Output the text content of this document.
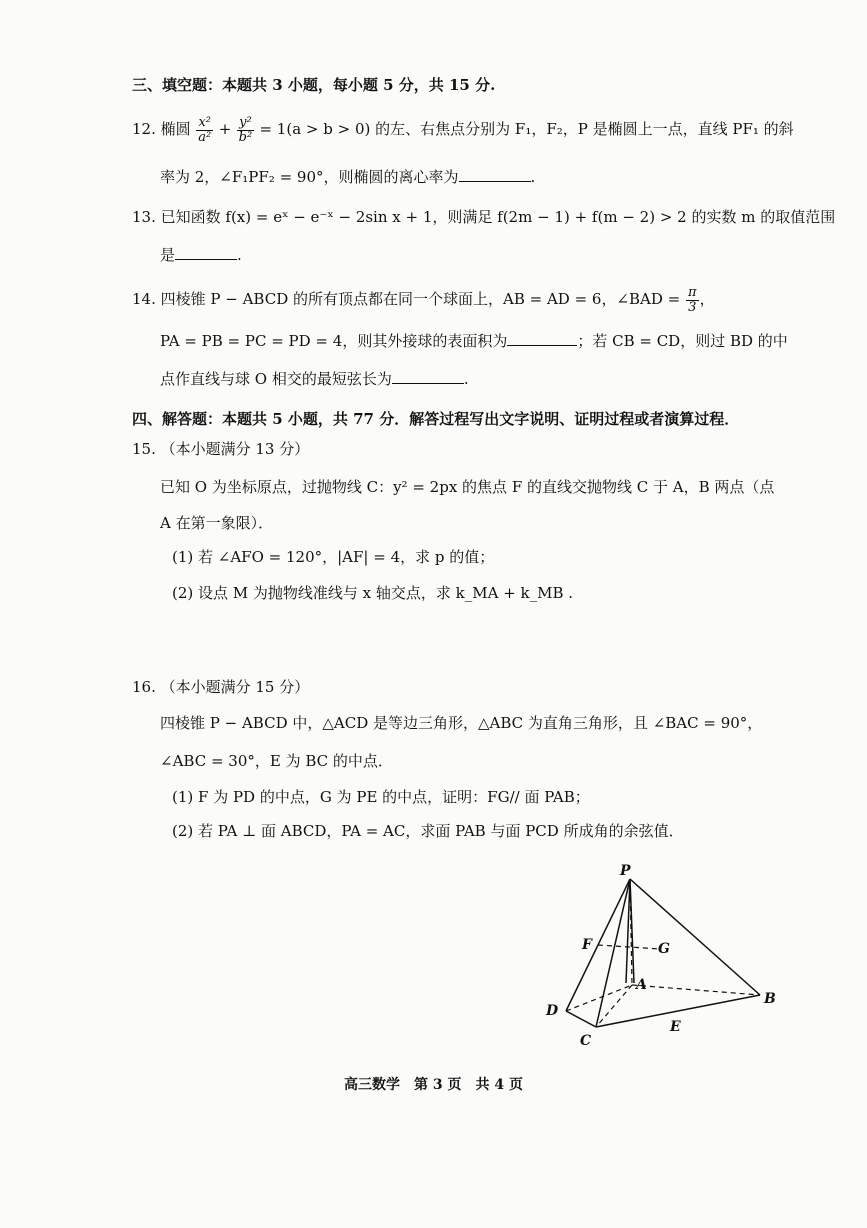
三、填空题：本题共 3 小题，每小题 5 分，共 15 分.
12. 椭圆 $\frac{\text{x²}}{\text{a²}} + \frac{\text{y²}}{\text{b²}} = 1(a > b > 0)$ 的左、右焦点分别为 F₁，F₂，P 是椭圆上一点，直线 PF₁ 的斜
率为 2，∠F₁PF₂ = 90°，则椭圆的离心率为	.
13. 已知函数 f(x) = eˣ − e⁻ˣ − 2sin x + 1，则满足 f(2m − 1) + f(m − 2) > 2 的实数 m 的取值范围
是	.
14. 四棱锥 P − ABCD 的所有顶点都在同一个球面上，AB = AD = 6，∠BAD = $\frac{\pi}{3}$ ，
PA = PB = PC = PD = 4，则其外接球的表面积为	；若 CB = CD，则过 BD 的中
点作直线与球 O 相交的最短弦长为	.
四、解答题：本题共 5 小题，共 77 分．解答过程写出文字说明、证明过程或者演算过程．
15. （本小题满分 13 分）
已知 O 为坐标原点，过抛物线 C：y² = 2px 的焦点 F 的直线交抛物线 C 于 A，B 两点（点
A 在第一象限）．
(1) 若 ∠AFO = 120°，|AF| = 4，求 p 的值；
(2) 设点 M 为抛物线准线与 x 轴交点，求 k_MA + k_MB .
16. （本小题满分 15 分）
四棱锥 P − ABCD 中，△ACD 是等边三角形，△ABC 为直角三角形，且 ∠BAC = 90°，
∠ABC = 30°，E 为 BC 的中点．
(1) F 为 PD 的中点，G 为 PE 的中点，证明：FG// 面 PAB；
(2) 若 PA ⊥ 面 ABCD，PA = AC，求面 PAB 与面 PCD 所成角的余弦值．
P
F	G
A
D
B
C
E
高三数学　第 3 页　共 4 页
